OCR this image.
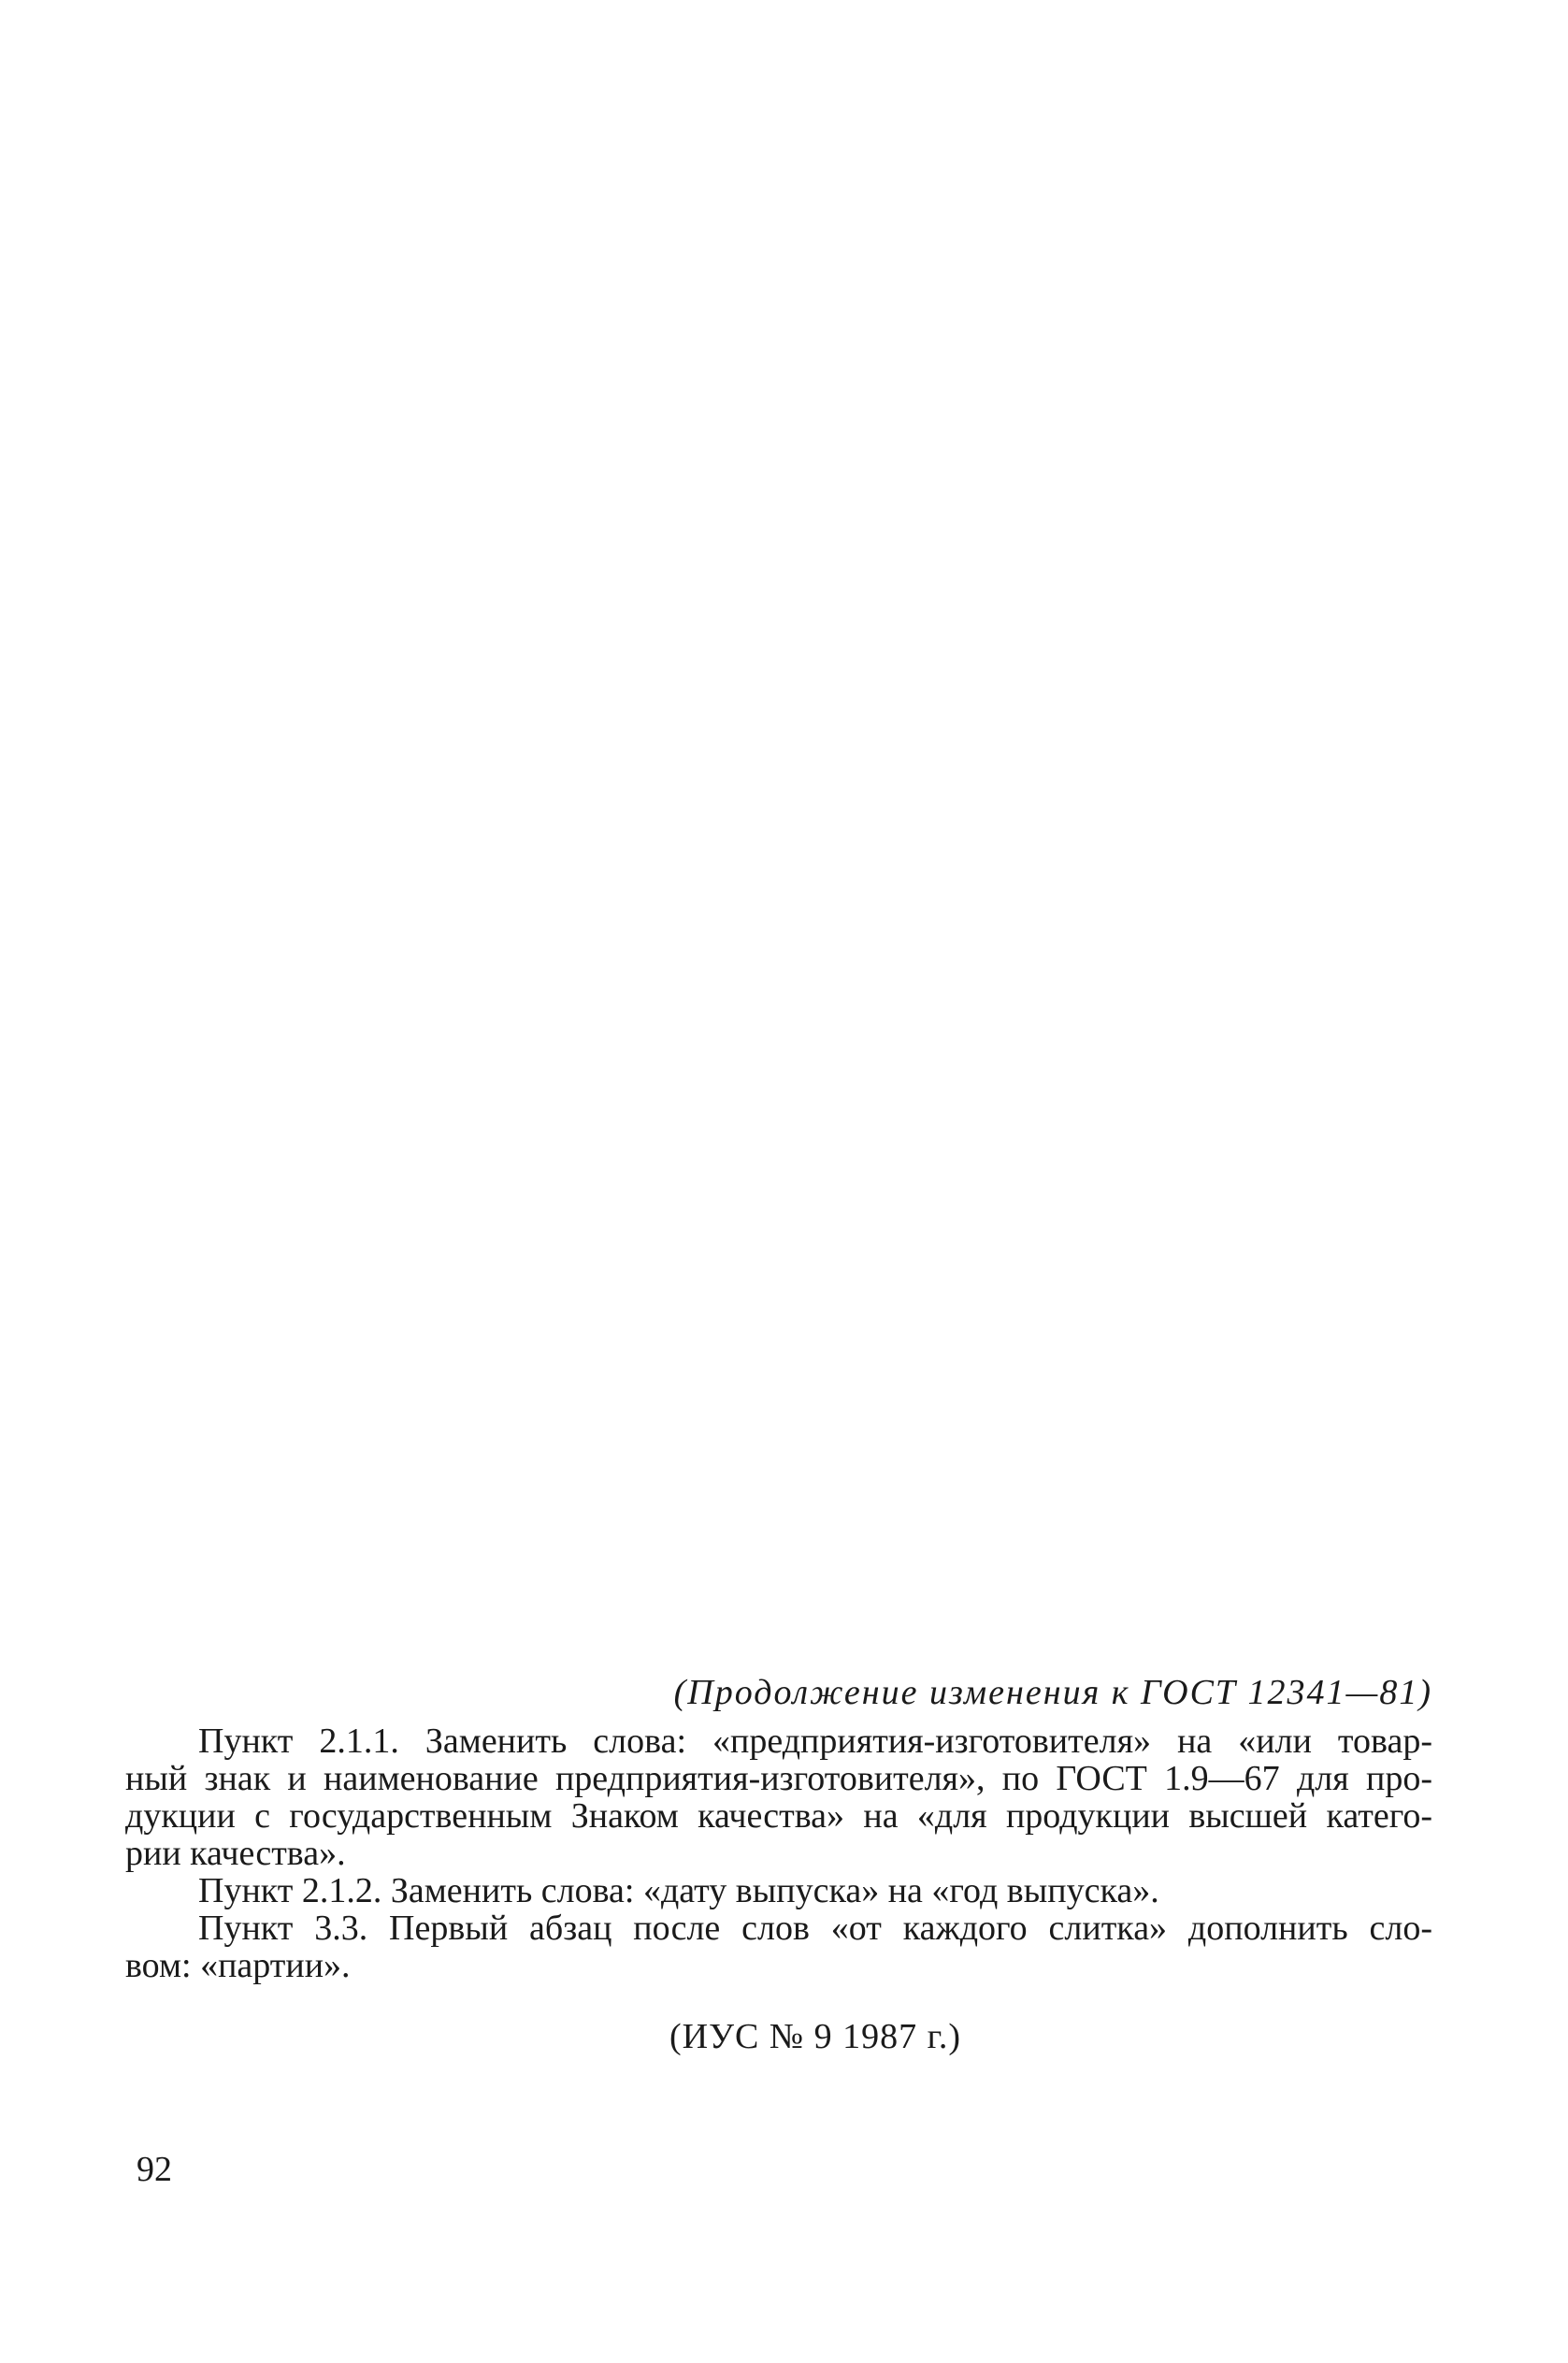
(Продолжение изменения к ГОСТ 12341—81)
Пункт 2.1.1. Заменить слова: «предприятия-изготовителя» на «или товар-
ный знак и наименование предприятия-изготовителя», по ГОСТ 1.9—67 для про-
дукции с государственным Знаком качества» на «для продукции высшей катего-
рии качества».
Пункт 2.1.2. Заменить слова: «дату выпуска» на «год выпуска».
Пункт 3.3. Первый абзац после слов «от каждого слитка» дополнить сло-
вом: «партии».
(ИУС № 9 1987 г.)
92
